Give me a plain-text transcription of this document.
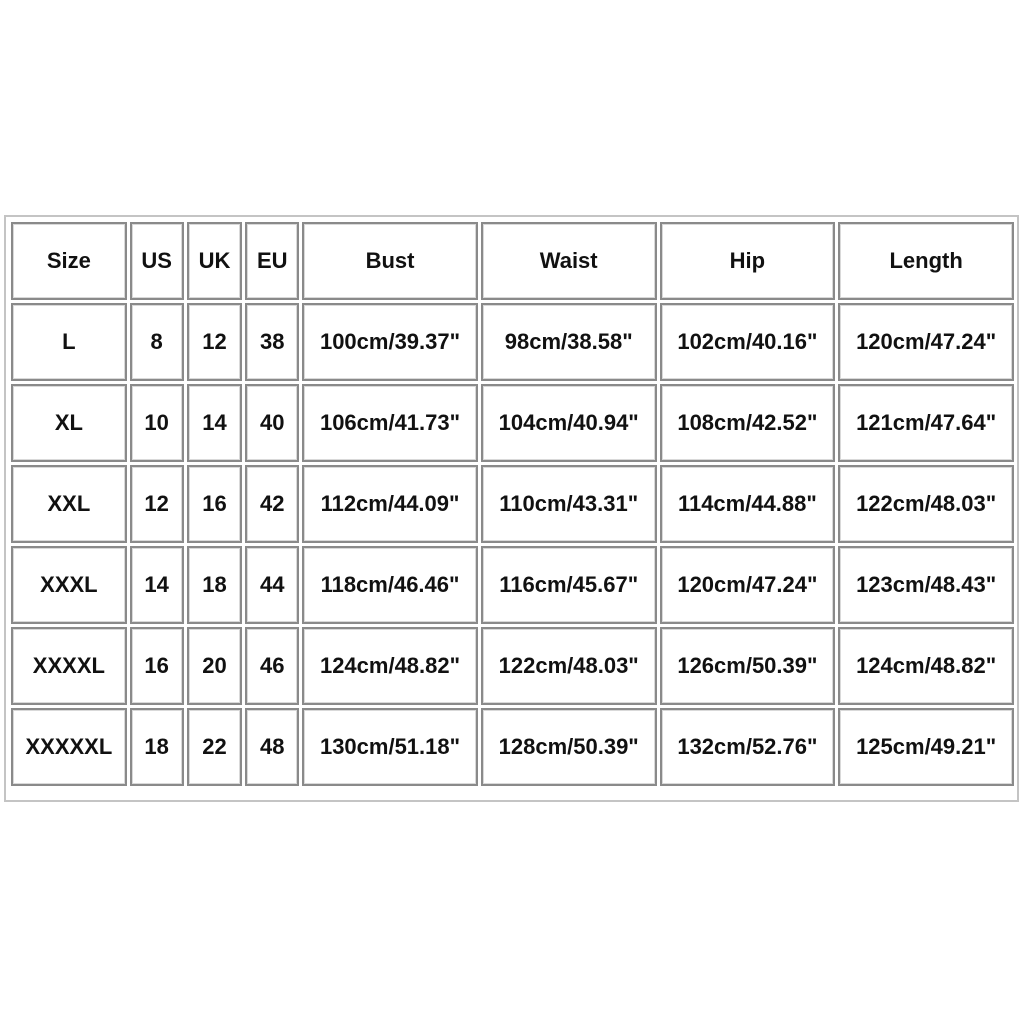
Size	US	UK	EU	Bust	Waist	Hip	Length
L	8	12	38	100cm/39.37"	98cm/38.58"	102cm/40.16"	120cm/47.24"
XL	10	14	40	106cm/41.73"	104cm/40.94"	108cm/42.52"	121cm/47.64"
XXL	12	16	42	112cm/44.09"	110cm/43.31"	114cm/44.88"	122cm/48.03"
XXXL	14	18	44	118cm/46.46"	116cm/45.67"	120cm/47.24"	123cm/48.43"
XXXXL	16	20	46	124cm/48.82"	122cm/48.03"	126cm/50.39"	124cm/48.82"
XXXXXL	18	22	48	130cm/51.18"	128cm/50.39"	132cm/52.76"	125cm/49.21"
